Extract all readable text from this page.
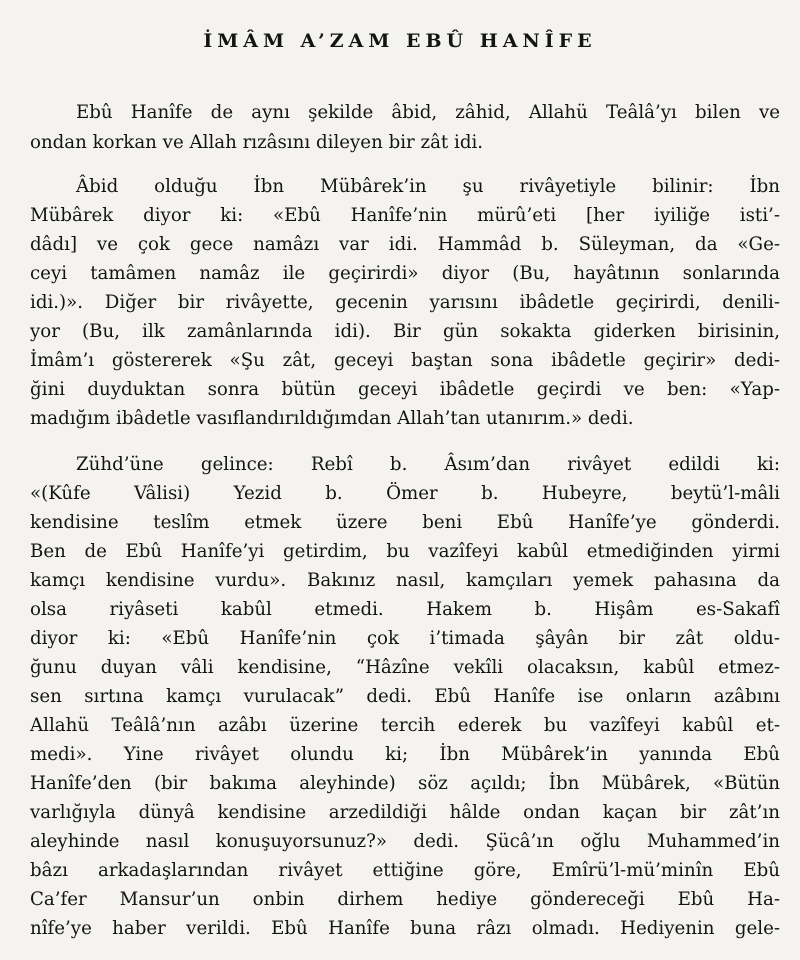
İMÂM A’ZAM EBÛ HANÎFE
Ebû Hanîfe de aynı şekilde âbid, zâhid, Allahü Teâlâ’yı bilen ve
ondan korkan ve Allah rızâsını dileyen bir zât idi.
Âbid olduğu İbn Mübârek’in şu rivâyetiyle bilinir: İbn
Mübârek diyor ki: «Ebû Hanîfe’nin mürû’eti [her iyiliğe isti’-
dâdı] ve çok gece namâzı var idi. Hammâd b. Süleyman, da «Ge-
ceyi tamâmen namâz ile geçirirdi» diyor (Bu, hayâtının sonlarında
idi.)». Diğer bir rivâyette, gecenin yarısını ibâdetle geçirirdi, denili-
yor (Bu, ilk zamânlarında idi). Bir gün sokakta giderken birisinin,
İmâm’ı göstererek «Şu zât, geceyi baştan sona ibâdetle geçirir» dedi-
ğini duyduktan sonra bütün geceyi ibâdetle geçirdi ve ben: «Yap-
madığım ibâdetle vasıflandırıldığımdan Allah’tan utanırım.» dedi.
Zühd’üne gelince: Rebî b. Âsım’dan rivâyet edildi ki:
«(Kûfe Vâlisi) Yezid b. Ömer b. Hubeyre, beytü’l-mâli
kendisine teslîm etmek üzere beni Ebû Hanîfe’ye gönderdi.
Ben de Ebû Hanîfe’yi getirdim, bu vazîfeyi kabûl etmediğinden yirmi
kamçı kendisine vurdu». Bakınız nasıl, kamçıları yemek pahasına da
olsa riyâseti kabûl etmedi. Hakem b. Hişâm es-Sakafî
diyor ki: «Ebû Hanîfe’nin çok i’timada şâyân bir zât oldu-
ğunu duyan vâli kendisine, “Hâzîne vekîli olacaksın, kabûl etmez-
sen sırtına kamçı vurulacak” dedi. Ebû Hanîfe ise onların azâbını
Allahü Teâlâ’nın azâbı üzerine tercih ederek bu vazîfeyi kabûl et-
medi». Yine rivâyet olundu ki; İbn Mübârek’in yanında Ebû
Hanîfe’den (bir bakıma aleyhinde) söz açıldı; İbn Mübârek, «Bütün
varlığıyla dünyâ kendisine arzedildiği hâlde ondan kaçan bir zât’ın
aleyhinde nasıl konuşuyorsunuz?» dedi. Şücâ’ın oğlu Muhammed’in
bâzı arkadaşlarından rivâyet ettiğine göre, Emîrü’l-mü’minîn Ebû
Ca’fer Mansur’un onbin dirhem hediye göndereceği Ebû Ha-
nîfe’ye haber verildi. Ebû Hanîfe buna râzı olmadı. Hediyenin gele-
